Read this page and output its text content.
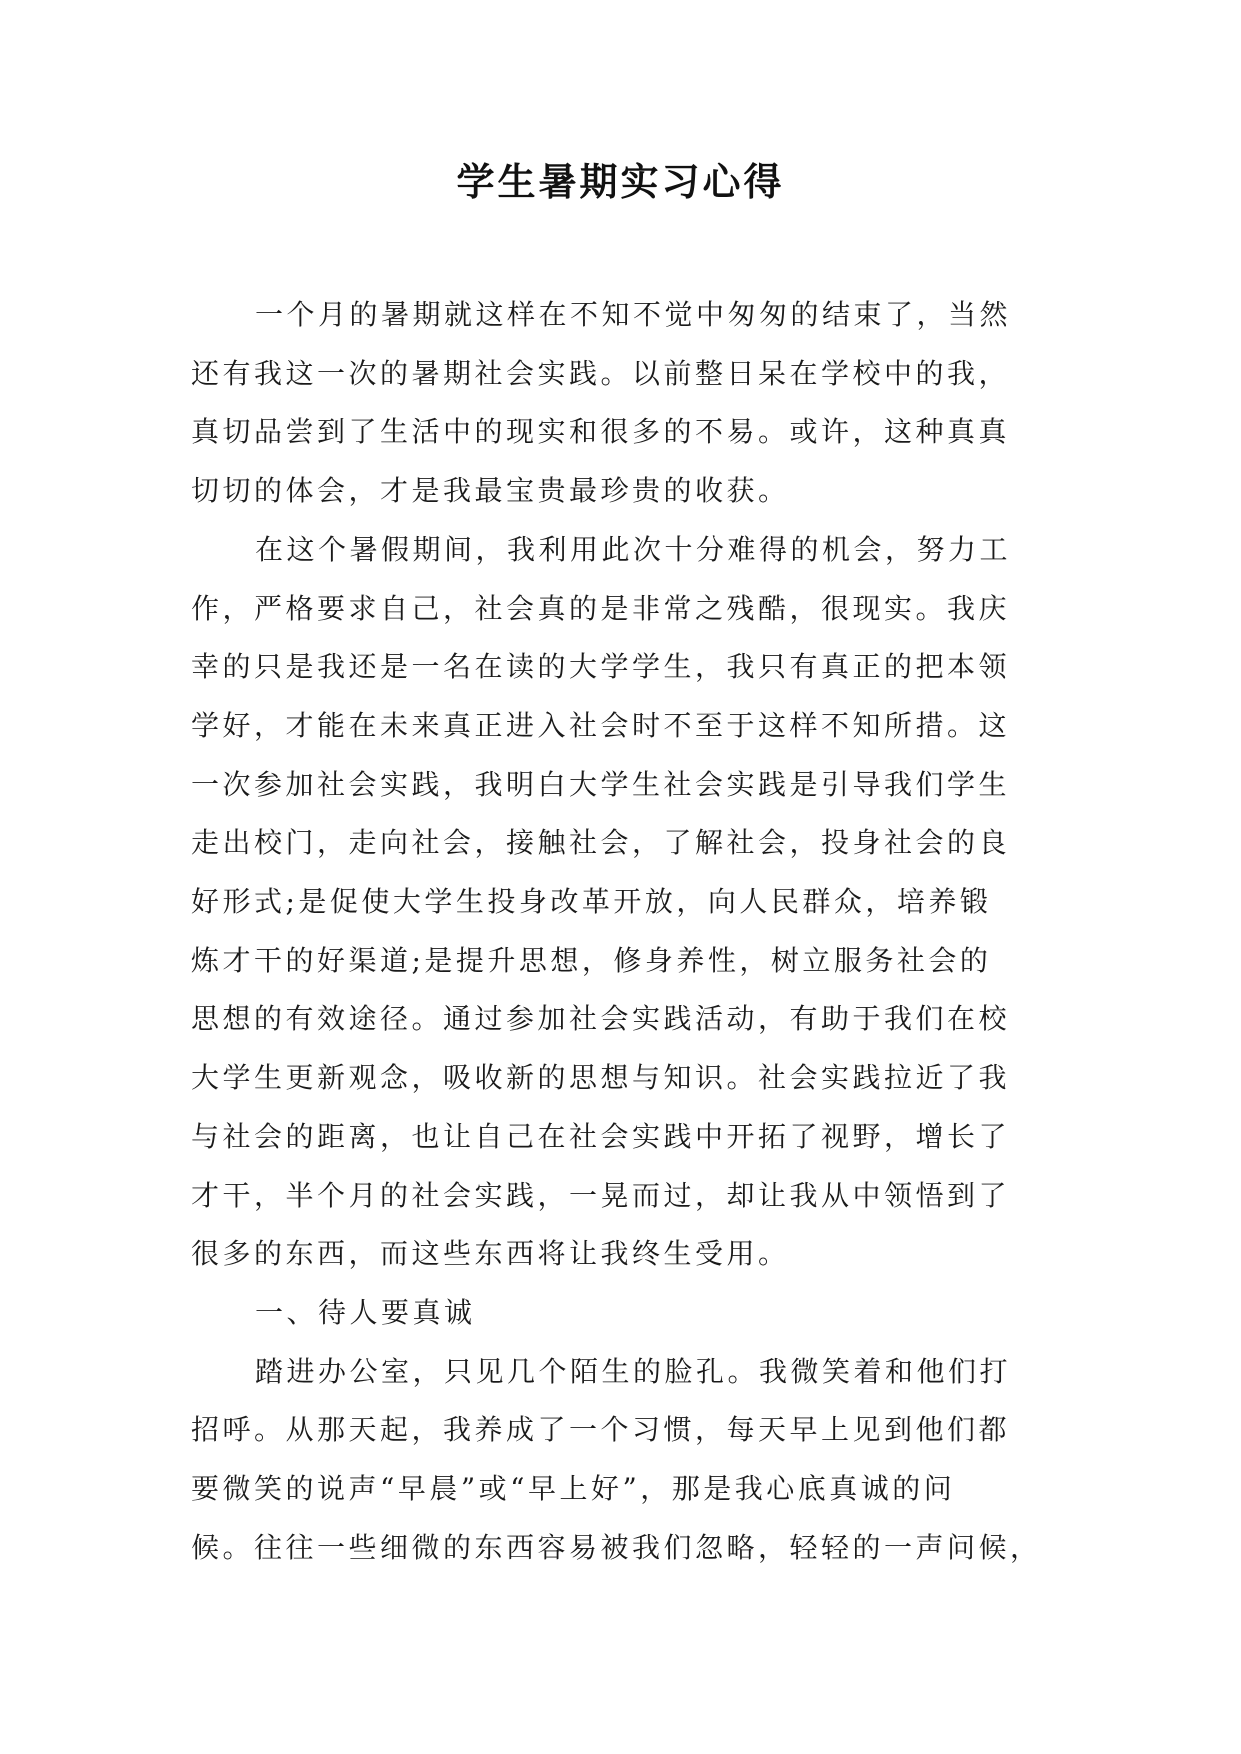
学生暑期实习心得

一个月的暑期就这样在不知不觉中匆匆的结束了，当然
还有我这一次的暑期社会实践。以前整日呆在学校中的我，
真切品尝到了生活中的现实和很多的不易。或许，这种真真
切切的体会，才是我最宝贵最珍贵的收获。

在这个暑假期间，我利用此次十分难得的机会，努力工
作，严格要求自己，社会真的是非常之残酷，很现实。我庆
幸的只是我还是一名在读的大学学生，我只有真正的把本领
学好，才能在未来真正进入社会时不至于这样不知所措。这
一次参加社会实践，我明白大学生社会实践是引导我们学生
走出校门，走向社会，接触社会，了解社会，投身社会的良
好形式;是促使大学生投身改革开放，向人民群众，培养锻
炼才干的好渠道;是提升思想，修身养性，树立服务社会的
思想的有效途径。通过参加社会实践活动，有助于我们在校
大学生更新观念，吸收新的思想与知识。社会实践拉近了我
与社会的距离，也让自己在社会实践中开拓了视野，增长了
才干，半个月的社会实践，一晃而过，却让我从中领悟到了
很多的东西，而这些东西将让我终生受用。

一、待人要真诚

踏进办公室，只见几个陌生的脸孔。我微笑着和他们打
招呼。从那天起，我养成了一个习惯，每天早上见到他们都
要微笑的说声“早晨”或“早上好”，那是我心底真诚的问
候。往往一些细微的东西容易被我们忽略，轻轻的一声问候，
